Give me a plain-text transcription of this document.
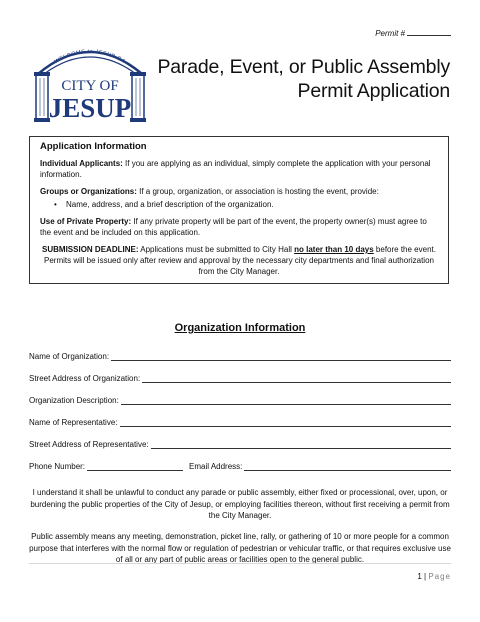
Permit #
WELCOME to JESUP GA
CITY OF
JESUP
Parade, Event, or Public Assembly
Permit Application
Application Information

Individual Applicants: If you are applying as an individual, simply complete the application with your personal information.

Groups or Organizations: If a group, organization, or association is hosting the event, provide:

• Name, address, and a brief description of the organization.

Use of Private Property: If any private property will be part of the event, the property owner(s) must agree to the event and be included on this application.

SUBMISSION DEADLINE: Applications must be submitted to City Hall no later than 10 days before the event. Permits will be issued only after review and approval by the necessary city departments and final authorization from the City Manager.

Organization Information
Name of Organization:
Street Address of Organization:
Organization Description:
Name of Representative:
Street Address of Representative:
Phone Number:	Email Address:
I understand it shall be unlawful to conduct any parade or public assembly, either fixed or processional, over, upon, or burdening the public properties of the City of Jesup, or employing facilities thereon, without first receiving a permit from the City Manager.
Public assembly means any meeting, demonstration, picket line, rally, or gathering of 10 or more people for a common purpose that interferes with the normal flow or regulation of pedestrian or vehicular traffic, or that requires exclusive use of all or any part of public areas or facilities open to the general public.
1 | Page
